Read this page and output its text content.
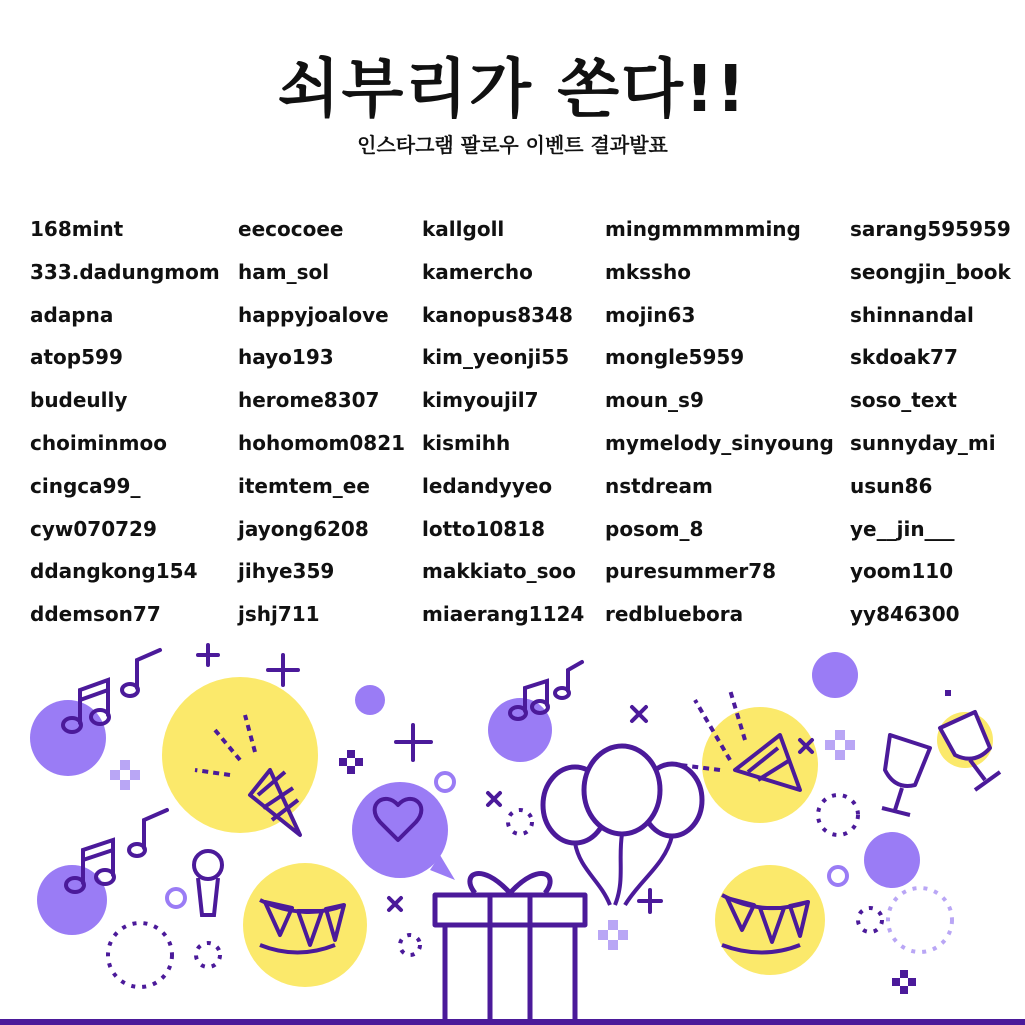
쇠부리가 쏜다!!
인스타그램 팔로우 이벤트 결과발표
168mint
333.dadungmom
adapna
atop599
budeully
choiminmoo
cingca99_
cyw070729
ddangkong154
ddemson77
eecocoee
ham_sol
happyjoalove
hayo193
herome8307
hohomom0821
itemtem_ee
jayong6208
jihye359
jshj711
kallgoll
kamercho
kanopus8348
kim_yeonji55
kimyoujil7
kismihh
ledandyyeo
lotto10818
makkiato_soo
miaerang1124
mingmmmmming
mkssho
mojin63
mongle5959
moun_s9
mymelody_sinyoung
nstdream
posom_8
puresummer78
redbluebora
sarang595959
seongjin_book
shinnandal
skdoak77
soso_text
sunnyday_mi
usun86
ye__jin___
yoom110
yy846300
